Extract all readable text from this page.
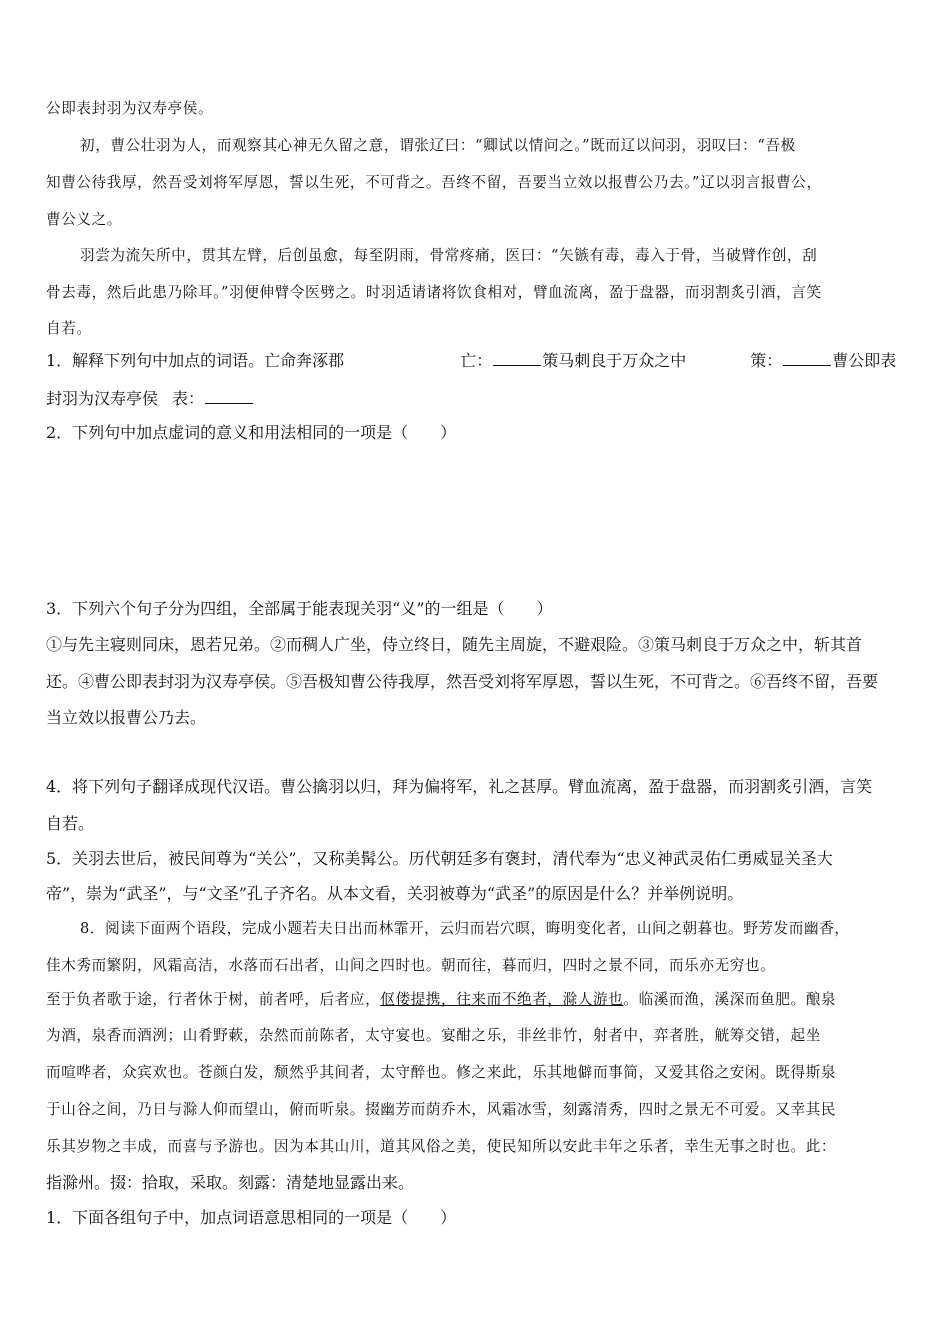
公即表封羽为汉寿亭侯。
初，曹公壮羽为人，而观察其心神无久留之意，谓张辽曰：“卿试以情问之。”既而辽以问羽，羽叹曰：“吾极
知曹公待我厚，然吾受刘将军厚恩，誓以生死，不可背之。吾终不留，吾要当立效以报曹公乃去。”辽以羽言报曹公，
曹公义之。
羽尝为流矢所中，贯其左臂，后创虽愈，每至阴雨，骨常疼痛，医曰：“矢镞有毒，毒入于骨，当破臂作创，刮
骨去毒，然后此患乃除耳。”羽便伸臂令医劈之。时羽适请诸将饮食相对，臂血流离，盈于盘器，而羽割炙引酒，言笑
自若。
1．解释下列句中加点的词语。亡命奔涿郡	亡：	策马刺良于万众之中	策：	曹公即表
封羽为汉寿亭侯 表：
2．下列句中加点虚词的意义和用法相同的一项是（　　）
3．下列六个句子分为四组，全部属于能表现关羽“义”的一组是（　　）
①与先主寝则同床，恩若兄弟。②而稠人广坐，侍立终日，随先主周旋，不避艰险。③策马刺良于万众之中，斩其首
还。④曹公即表封羽为汉寿亭侯。⑤吾极知曹公待我厚，然吾受刘将军厚恩，誓以生死，不可背之。⑥吾终不留，吾要
当立效以报曹公乃去。
4．将下列句子翻译成现代汉语。曹公擒羽以归，拜为偏将军，礼之甚厚。臂血流离，盈于盘器，而羽割炙引酒，言笑
自若。
5．关羽去世后，被民间尊为“关公”，又称美髯公。历代朝廷多有褒封，清代奉为“忠义神武灵佑仁勇威显关圣大
帝”，崇为“武圣”，与“文圣”孔子齐名。从本文看，关羽被尊为“武圣”的原因是什么？并举例说明。
8．阅读下面两个语段，完成小题若夫日出而林霏开，云归而岩穴暝，晦明变化者，山间之朝暮也。野芳发而幽香，
佳木秀而繁阴，风霜高洁，水落而石出者，山间之四时也。朝而往，暮而归，四时之景不同，而乐亦无穷也。
至于负者歌于途，行者休于树，前者呼，后者应，伛偻提携，往来而不绝者，滁人游也。临溪而渔，溪深而鱼肥。酿泉
为酒，泉香而酒洌；山肴野蔌，杂然而前陈者，太守宴也。宴酣之乐，非丝非竹，射者中，弈者胜，觥筹交错，起坐
而喧哗者，众宾欢也。苍颜白发，颓然乎其间者，太守醉也。修之来此，乐其地僻而事简，又爱其俗之安闲。既得斯泉
于山谷之间，乃日与滁人仰而望山，俯而听泉。掇幽芳而荫乔木，风霜冰雪，刻露清秀，四时之景无不可爱。又幸其民
乐其岁物之丰成，而喜与予游也。因为本其山川，道其风俗之美，使民知所以安此丰年之乐者，幸生无事之时也。此：
指滁州。掇：拾取，采取。刻露：清楚地显露出来。
1．下面各组句子中，加点词语意思相同的一项是（　　）
